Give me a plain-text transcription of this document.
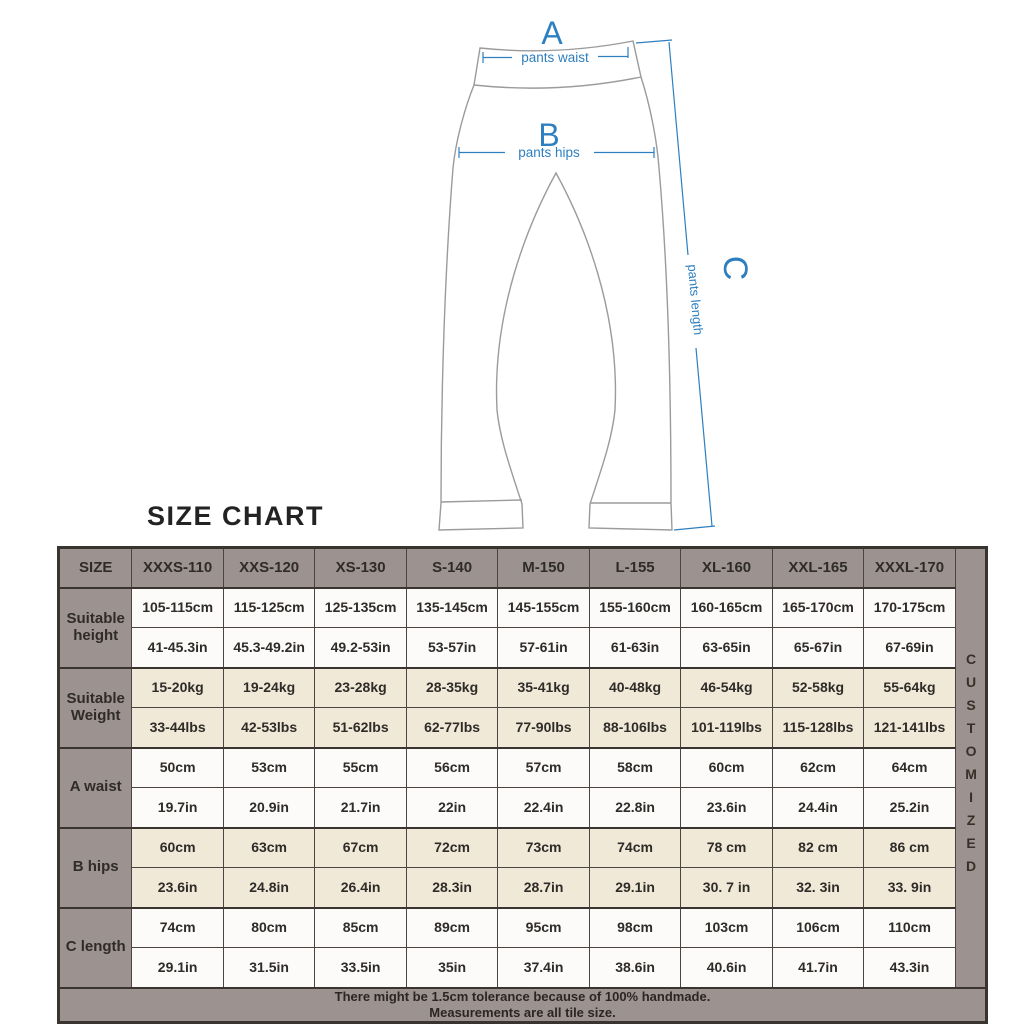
A
pants waist
B
pants hips
C
pants length
SIZE CHART
SIZE	XXXS-110	XXS-120	XS-130	S-140	M-150	L-155	XL-160	XXL-165	XXXL-170	CUSTOMIZED
Suitable height	105-115cm	115-125cm	125-135cm	135-145cm	145-155cm	155-160cm	160-165cm	165-170cm	170-175cm	
	41-45.3in	45.3-49.2in	49.2-53in	53-57in	57-61in	61-63in	63-65in	65-67in	67-69in	
Suitable Weight	15-20kg	19-24kg	23-28kg	28-35kg	35-41kg	40-48kg	46-54kg	52-58kg	55-64kg	
	33-44lbs	42-53lbs	51-62lbs	62-77lbs	77-90lbs	88-106lbs	101-119lbs	115-128lbs	121-141lbs	
A waist	50cm	53cm	55cm	56cm	57cm	58cm	60cm	62cm	64cm	
	19.7in	20.9in	21.7in	22in	22.4in	22.8in	23.6in	24.4in	25.2in	
B hips	60cm	63cm	67cm	72cm	73cm	74cm	78 cm	82 cm	86 cm	
	23.6in	24.8in	26.4in	28.3in	28.7in	29.1in	30. 7 in	32. 3in	33. 9in	
C length	74cm	80cm	85cm	89cm	95cm	98cm	103cm	106cm	110cm	
	29.1in	31.5in	33.5in	35in	37.4in	38.6in	40.6in	41.7in	43.3in	

There might be 1.5cm tolerance because of 100% handmade.
Measurements are all tile size.										
